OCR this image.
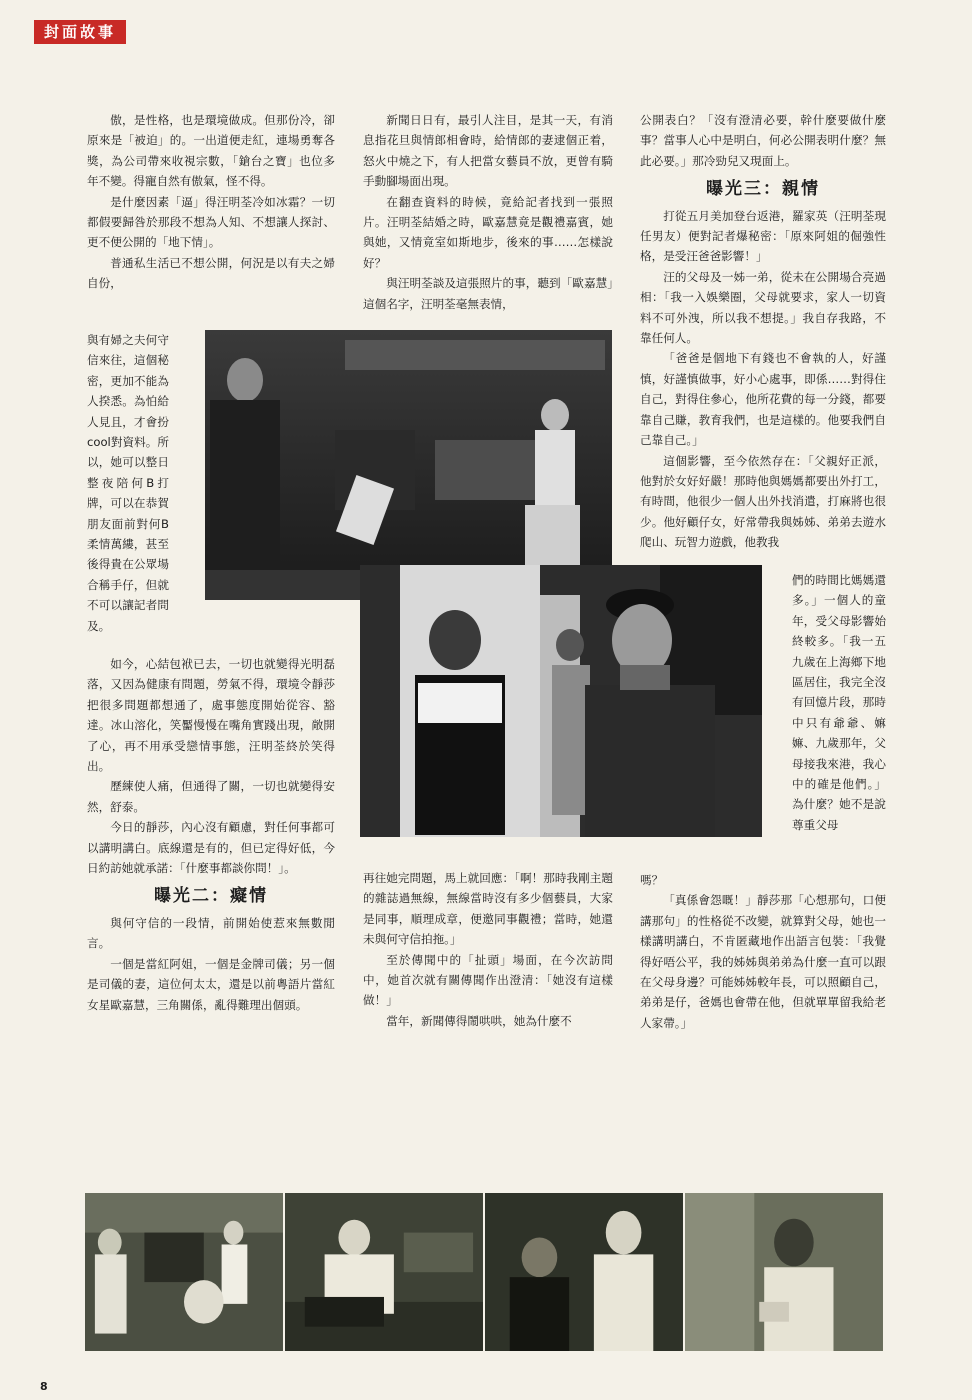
封面故事

傲，是性格，也是環境做成。但那份冷，卻原來是「被迫」的。一出道便走紅，連場勇奪各獎，為公司帶來收視宗數，「鎗台之寶」也位多年不變。得寵自然有傲氣，怪不得。

是什麼因素「逼」得汪明荃冷如冰霜？一切都假要歸咎於那段不想為人知、不想讓人探討、更不便公開的「地下情」。

普通私生活已不想公開，何況是以有夫之婦自份，

與有婦之夫何守信來往，這個秘密，更加不能為人揆悉。為怕給人見且，才會扮cool對資料。所以，她可以整日整夜陪何B打牌，可以在恭賀朋友面前對何B柔情萬縷，甚至後得貴在公眾場合稱手仔，但就不可以讓記者問及。

如今，心結包袱已去，一切也就變得光明磊落，又因為健康有問題，勞氣不得，環境令靜莎把很多問題都想通了，處事態度開始從容、豁達。冰山溶化，笑靨慢慢在嘴角實踐出現，敞開了心，再不用承受戀情事態，汪明荃終於笑得出。

歷練使人痛，但通得了關，一切也就變得安然，舒泰。

今日的靜莎，內心沒有顧慮，對任何事都可以講明講白。底線還是有的，但已定得好低，今日約訪她就承諾：「什麼事都談你問！」。

曝光二：癡情

與何守信的一段情，前開始使惹來無數閒言。

一個是當紅阿姐，一個是金牌司儀；另一個是司儀的妻，這位何太太，還是以前粵語片當紅女星歐嘉慧，三角關係，亂得難理出個頭。

新聞日日有，最引人注目，是其一天，有消息指花旦與情郎相會時，給情郎的妻逮個正着，怒火中燒之下，有人把當女藝員不放，更曾有騎手動腳場面出現。

在翻查資料的時候，竟給記者找到一張照片。汪明荃結婚之時，歐嘉慧竟是觀禮嘉賓，她與她，又情竟室如斯地步，後來的事……怎樣說好？

與汪明荃談及這張照片的事，聽到「歐嘉慧」這個名字，汪明荃毫無表情，

再往她完問題，馬上就回應：「啊！那時我剛主題的雜誌過無線，無線當時沒有多少個藝員，大家是同事，順理成章，便邀同事觀禮；當時，她還未與何守信拍拖。」

至於傳聞中的「扯頭」場面，在今次訪問中，她首次就有關傳聞作出澄清：「她沒有這樣做！」

當年，新聞傳得鬧哄哄，她為什麼不

公開表白？「沒有澄清必要，幹什麼要做什麼事？當事人心中是明白，何必公開表明什麼？無此必要。」那冷勁兒又現面上。

曝光三：親情

打從五月美加登台返港，羅家英（汪明荃現任男友）便對記者爆秘密：「原來阿姐的倔強性格，是受汪爸爸影響！」

汪的父母及一姊一弟，從未在公開場合亮過相：「我一入娛樂圈，父母就要求，家人一切資料不可外洩，所以我不想提。」我自存我路，不靠任何人。

「爸爸是個地下有錢也不會執的人，好謹慎，好謹慎做事，好小心處事，即係……對得住自己，對得住參心，他所花費的每一分錢，都要靠自己賺，教育我們，也是這樣的。他要我們自己靠自己。」

這個影響，至今依然存在：「父親好正派，他對於女好好嚴！那時他與媽媽都要出外打工，有時間，他很少一個人出外找消遣，打麻將也很少。他好顧仔女，好常帶我與姊姊、弟弟去遊水爬山、玩智力遊戲，他教我

們的時間比媽媽還多。」一個人的童年，受父母影響始終較多。「我一五九歲在上海鄉下地區居住，我完全沒有回憶片段，那時中只有爺爺、嫲嫲、九歲那年，父母接我來港，我心中的確是他們。」為什麼？她不是說尊重父母

嗎？

「真係會怨嘅！」靜莎那「心想那句，口便講那句」的性格從不改變，就算對父母，她也一樣講明講白，不肯匿藏地作出語言包裝：「我覺得好唔公平，我的姊姊與弟弟為什麼一直可以跟在父母身邊？可能姊姊較年長，可以照顧自己，弟弟是仔，爸媽也會帶在他，但就單單留我給老人家帶。」

8
